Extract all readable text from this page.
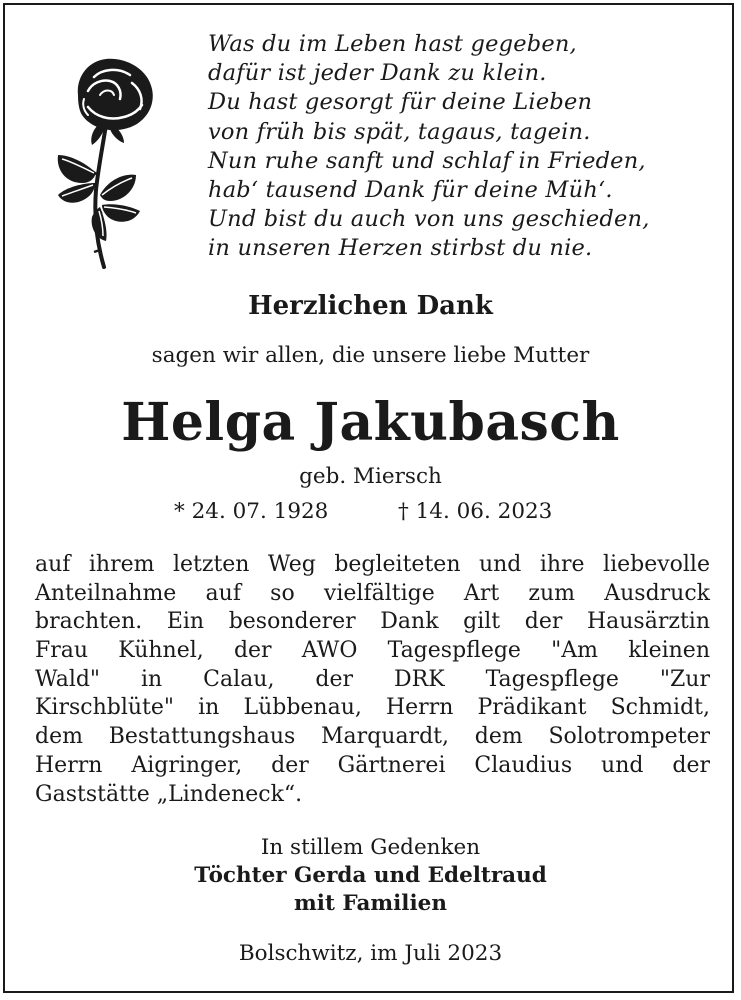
Was du im Leben hast gegeben,
dafür ist jeder Dank zu klein.
Du hast gesorgt für deine Lieben
von früh bis spät, tagaus, tagein.
Nun ruhe sanft und schlaf in Frieden,
hab‘ tausend Dank für deine Müh‘.
Und bist du auch von uns geschieden,
in unseren Herzen stirbst du nie.
Herzlichen Dank
sagen wir allen, die unsere liebe Mutter
Helga Jakubasch
geb. Miersch
* 24. 07. 1928	† 14. 06. 2023
auf ihrem letzten Weg begleiteten und ihre liebevolle
Anteilnahme auf so vielfältige Art zum Ausdruck
brachten. Ein besonderer Dank gilt der Hausärztin
Frau Kühnel, der AWO Tagespflege "Am kleinen
Wald" in Calau, der DRK Tagespflege "Zur
Kirschblüte" in Lübbenau, Herrn Prädikant Schmidt,
dem Bestattungshaus Marquardt, dem Solotrompeter
Herrn Aigringer, der Gärtnerei Claudius und der
Gaststätte „Lindeneck“.
In stillem Gedenken
Töchter Gerda und Edeltraud
mit Familien
Bolschwitz, im Juli 2023
